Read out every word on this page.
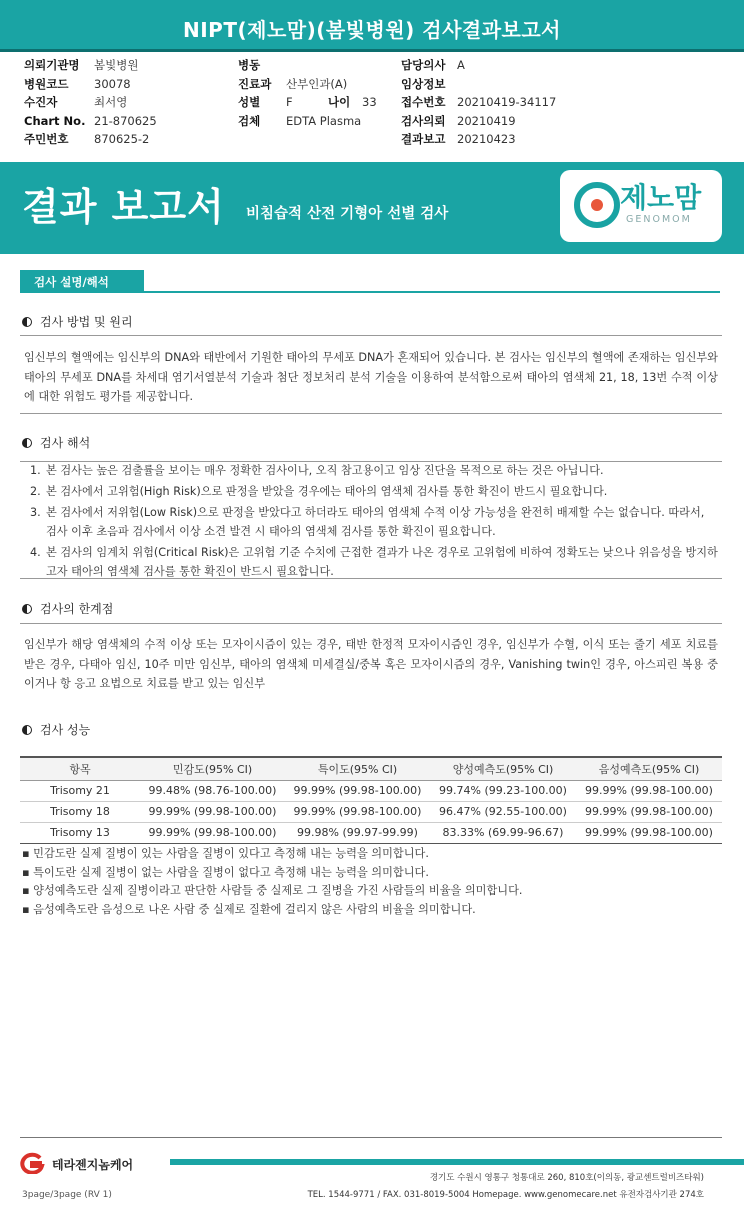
NIPT(제노맘)(봄빛병원) 검사결과보고서
의뢰기관명	봄빛병원
병원코드	30078
수진자	최서영
Chart No. 21-870625
주민번호	870625-2
병동
진료과	산부인과(A)
성별	F	나이	33
검체	EDTA Plasma
담당의사	A
임상정보
접수번호	20210419-34117
검사의뢰	20210419
결과보고	20210423
결과 보고서 비침습적 산전 기형아 선별 검사	제노맘
GENOMOM
검사 설명/해석
검사 방법 및 원리
임신부의 혈액에는 임신부의 DNA와 태반에서 기원한 태아의 무세포 DNA가 혼재되어 있습니다. 본 검사는 임신부의 혈액에 존재하는 임신부와 태아의 무세포 DNA를 차세대 염기서열분석 기술과 첨단 정보처리 분석 기술을 이용하여 분석함으로써 태아의 염색체 21, 18, 13번 수적 이상에 대한 위험도 평가를 제공합니다.
검사 해석
1. 본 검사는 높은 검출률을 보이는 매우 정확한 검사이나, 오직 참고용이고 임상 진단을 목적으로 하는 것은 아닙니다.
2. 본 검사에서 고위험(High Risk)으로 판정을 받았을 경우에는 태아의 염색체 검사를 통한 확진이 반드시 필요합니다.
3. 본 검사에서 저위험(Low Risk)으로 판정을 받았다고 하더라도 태아의 염색체 수적 이상 가능성을 완전히 배제할 수는 없습니다. 따라서, 검사 이후 초음파 검사에서 이상 소견 발견 시 태아의 염색체 검사를 통한 확진이 필요합니다.
4. 본 검사의 임계치 위험(Critical Risk)은 고위험 기준 수치에 근접한 결과가 나온 경우로 고위험에 비하여 정확도는 낮으나 위음성을 방지하고자 태아의 염색체 검사를 통한 확진이 반드시 필요합니다.
검사의 한계점
임신부가 해당 염색체의 수적 이상 또는 모자이시즘이 있는 경우, 태반 한정적 모자이시즘인 경우, 임신부가 수혈, 이식 또는 줄기 세포 치료를 받은 경우, 다태아 임신, 10주 미만 임신부, 태아의 염색체 미세결실/중복 혹은 모자이시즘의 경우, Vanishing twin인 경우, 아스피린 복용 중이거나 항 응고 요법으로 치료를 받고 있는 임신부
검사 성능
항목	민감도(95% CI)	특이도(95% CI)	양성예측도(95% CI)	음성예측도(95% CI)
Trisomy 21	99.48% (98.76-100.00)	99.99% (99.98-100.00)	99.74% (99.23-100.00)	99.99% (99.98-100.00)
Trisomy 18	99.99% (99.98-100.00)	99.99% (99.98-100.00)	96.47% (92.55-100.00)	99.99% (99.98-100.00)
Trisomy 13	99.99% (99.98-100.00)	99.98% (99.97-99.99)	83.33% (69.99-96.67)	99.99% (99.98-100.00)
▪ 민감도란 실제 질병이 있는 사람을 질병이 있다고 측정해 내는 능력을 의미합니다.
▪ 특이도란 실제 질병이 없는 사람을 질병이 없다고 측정해 내는 능력을 의미합니다.
▪ 양성예측도란 실제 질병이라고 판단한 사람들 중 실제로 그 질병을 가진 사람들의 비율을 의미합니다.
▪ 음성예측도란 음성으로 나온 사람 중 실제로 질환에 걸리지 않은 사람의 비율을 의미합니다.
테라젠지놈케어
경기도 수원시 영통구 청통대로 260, 810호(이의동, 광교센트럴비즈타워)
TEL. 1544-9771 / FAX. 031-8019-5004 Homepage. www.genomecare.net 유전자검사기관 274호
3page/3page (RV 1)
